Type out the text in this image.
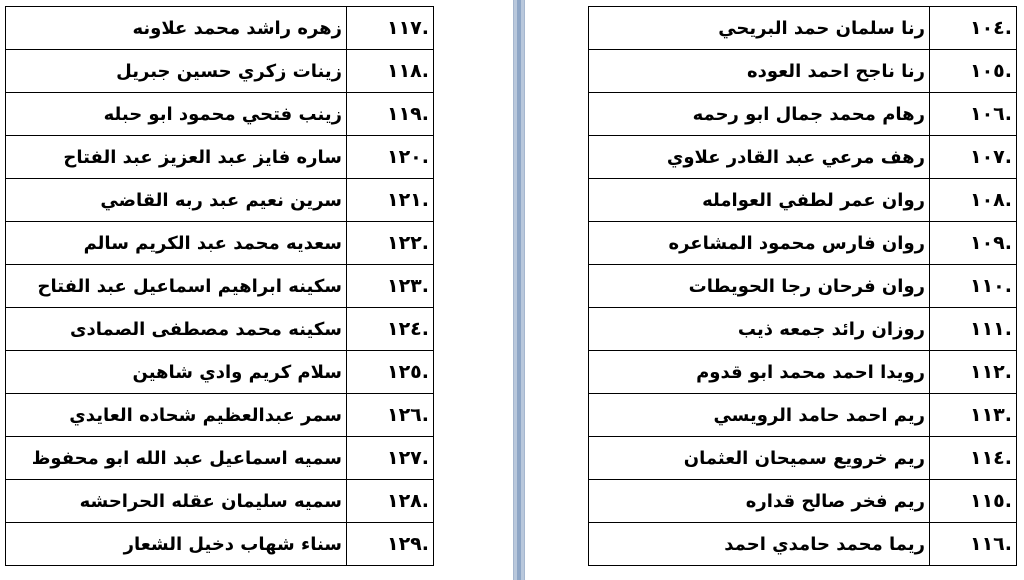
.١١٧	زهره راشد محمد علاونه
.١١٨	زينات زكري حسين جبريل
.١١٩	زينب فتحي محمود ابو حبله
.١٢٠	ساره فايز عبد العزيز عبد الفتاح
.١٢١	سرين نعيم عبد ربه القاضي
.١٢٢	سعديه محمد عبد الكريم سالم
.١٢٣	سكينه ابراهيم اسماعيل عبد الفتاح
.١٢٤	سكينه محمد مصطفى الصمادى
.١٢٥	سلام كريم وادي شاهين
.١٢٦	سمر عبدالعظيم شحاده العايدي
.١٢٧	سميه اسماعيل عبد الله ابو محفوظ
.١٢٨	سميه سليمان عقله الحراحشه
.١٢٩	سناء شهاب دخيل الشعار
.١٠٤	رنا سلمان حمد البريحي
.١٠٥	رنا ناجح احمد العوده
.١٠٦	رهام محمد جمال ابو رحمه
.١٠٧	رهف مرعي عبد القادر علاوي
.١٠٨	روان عمر لطفي العوامله
.١٠٩	روان فارس محمود المشاعره
.١١٠	روان فرحان رجا الحويطات
.١١١	روزان رائد جمعه ذيب
.١١٢	رويدا احمد محمد ابو قدوم
.١١٣	ريم احمد حامد الرويسي
.١١٤	ريم خرويع سميحان العثمان
.١١٥	ريم فخر صالح قداره
.١١٦	ريما محمد حامدي احمد
